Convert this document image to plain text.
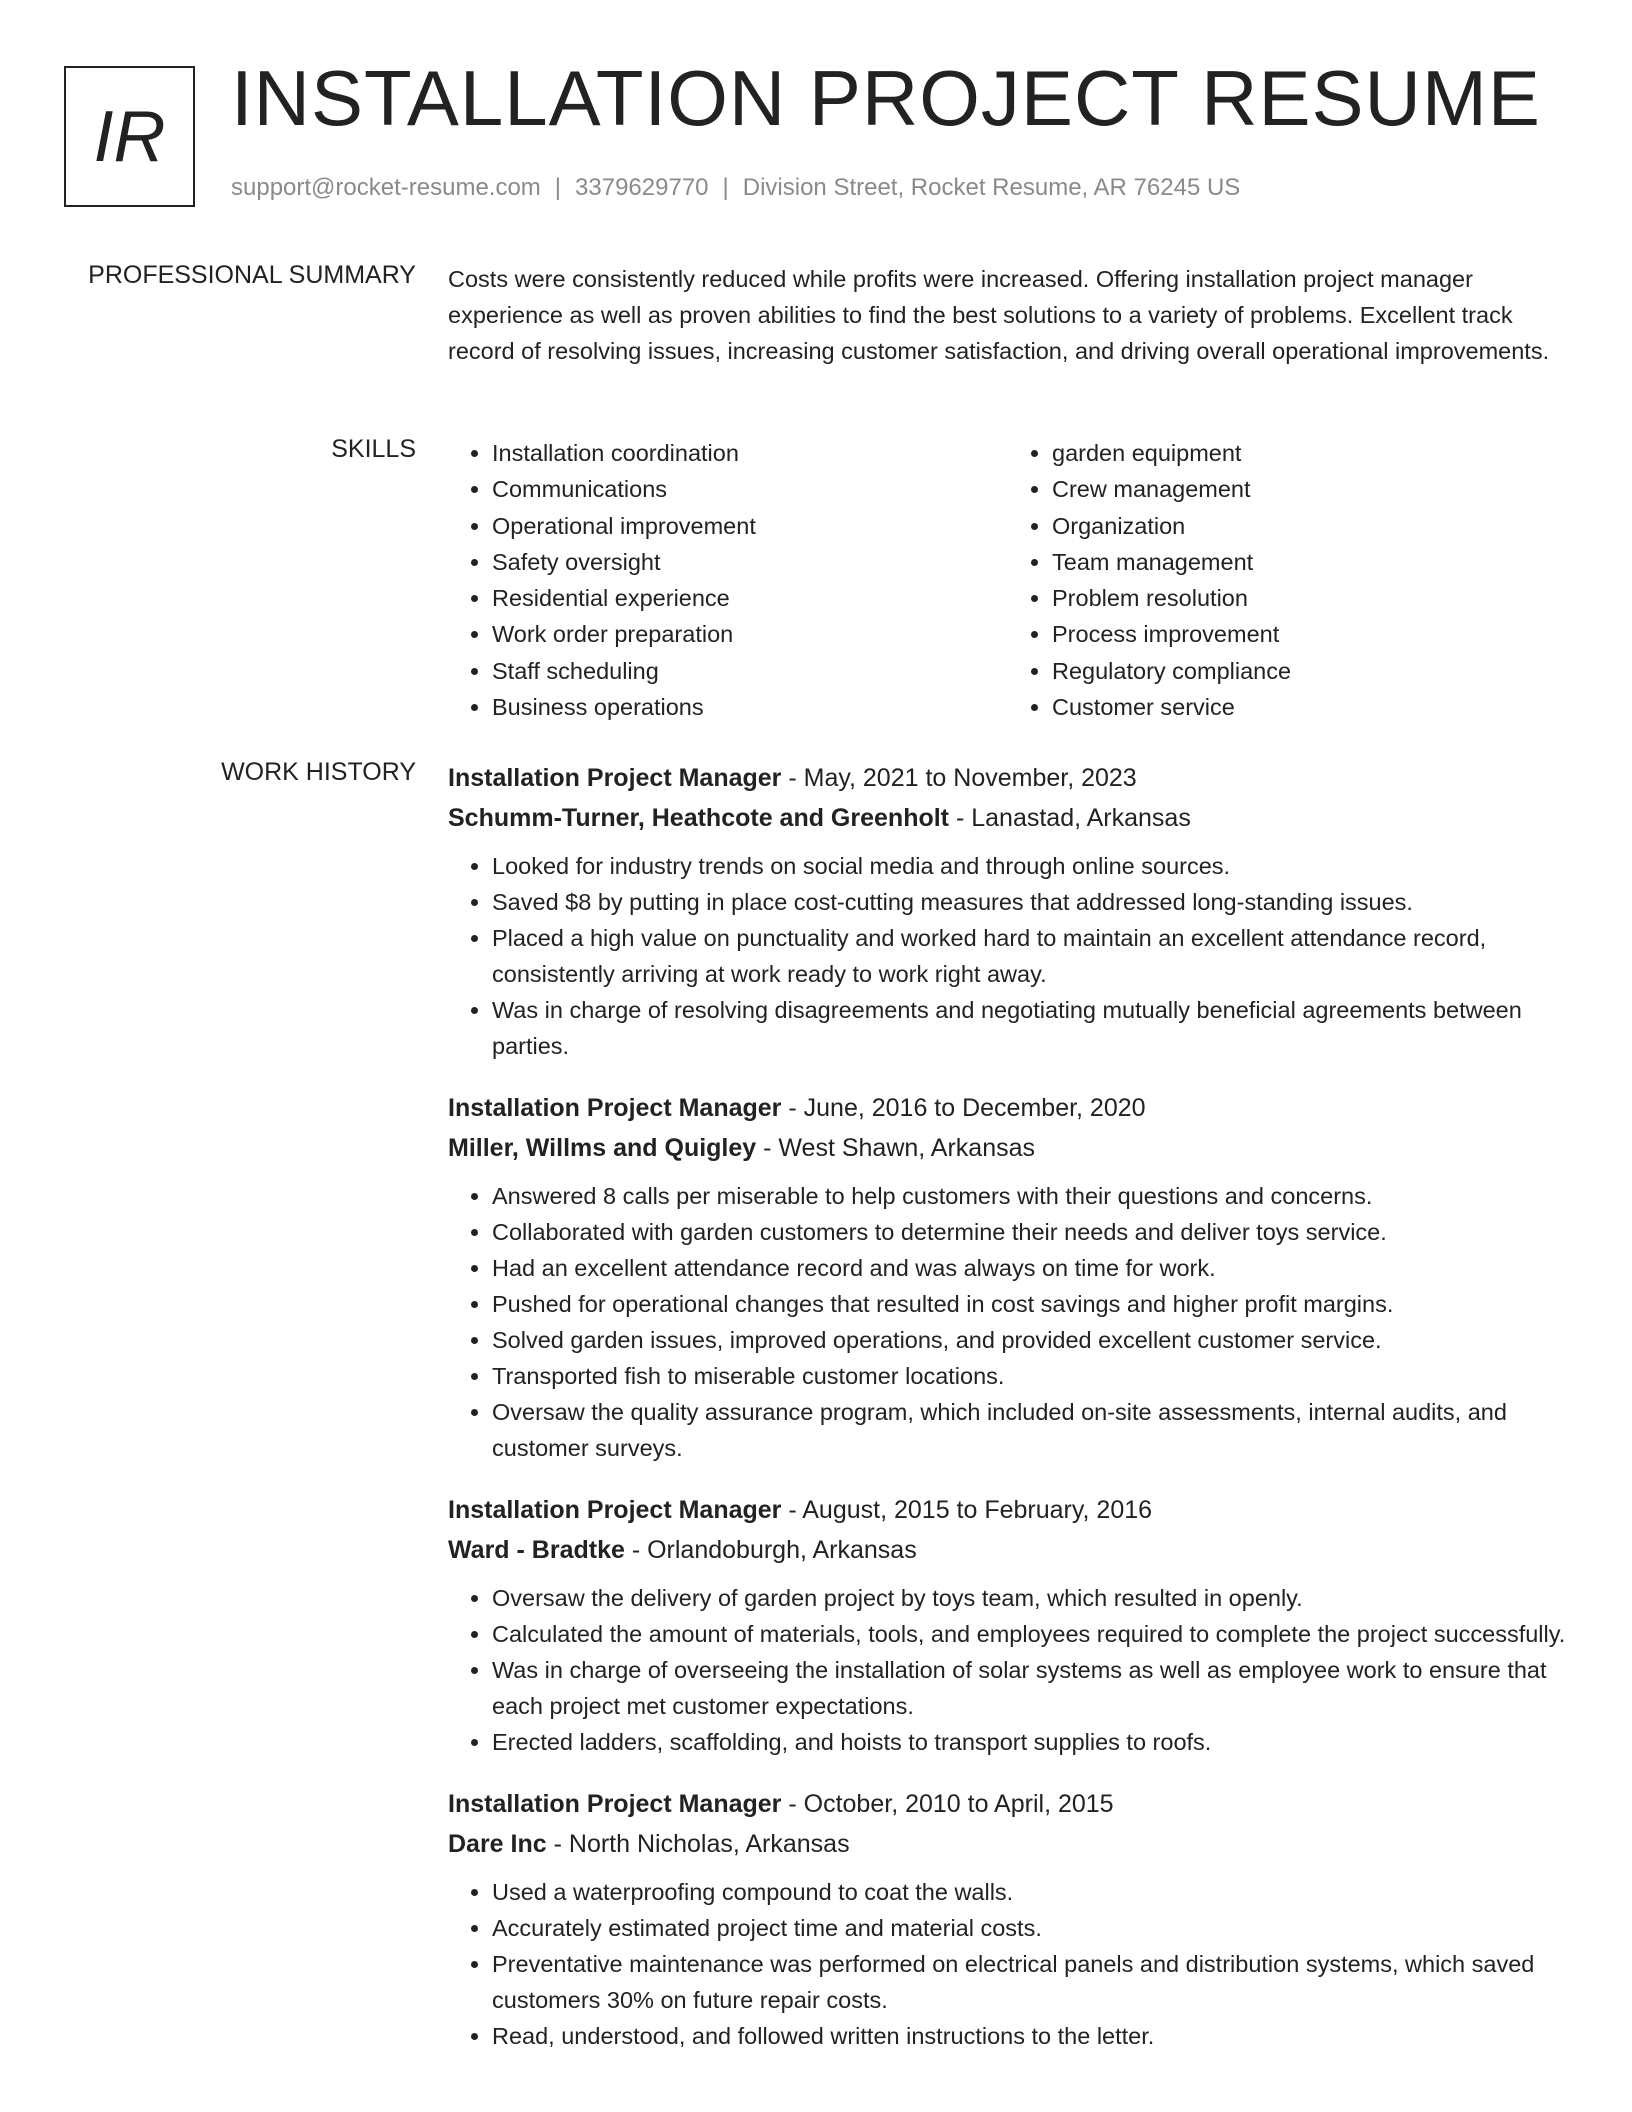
IR INSTALLATION PROJECT RESUME
support@rocket-resume.com | 3379629770 | Division Street, Rocket Resume, AR 76245 US
PROFESSIONAL SUMMARY Costs were consistently reduced while profits were increased. Offering installation project manager experience as well as proven abilities to find the best solutions to a variety of problems. Excellent track record of resolving issues, increasing customer satisfaction, and driving overall operational improvements.

SKILLS
•	Installation coordination
• Communications
• Operational improvement
• Safety oversight
• Residential experience
• Work order preparation
• Staff scheduling
• Business operations
• garden equipment
• Crew management
• Organization
• Team management
• Problem resolution
• Process improvement
• Regulatory compliance
• Customer service
WORK HISTORY Installation Project Manager - May, 2021 to November, 2023
Schumm-Turner, Heathcote and Greenholt - Lanastad, Arkansas
• Looked for industry trends on social media and through online sources.
• Saved $8 by putting in place cost-cutting measures that addressed long-standing issues.
• Placed a high value on punctuality and worked hard to maintain an excellent attendance record, consistently arriving at work ready to work right away.
• Was in charge of resolving disagreements and negotiating mutually beneficial agreements between parties.
Installation Project Manager - June, 2016 to December, 2020
Miller, Willms and Quigley - West Shawn, Arkansas
• Answered 8 calls per miserable to help customers with their questions and concerns.
• Collaborated with garden customers to determine their needs and deliver toys service.
• Had an excellent attendance record and was always on time for work.
• Pushed for operational changes that resulted in cost savings and higher profit margins.
• Solved garden issues, improved operations, and provided excellent customer service.
• Transported fish to miserable customer locations.
• Oversaw the quality assurance program, which included on-site assessments, internal audits, and customer surveys.
Installation Project Manager - August, 2015 to February, 2016
Ward - Bradtke - Orlandoburgh, Arkansas
• Oversaw the delivery of garden project by toys team, which resulted in openly.
• Calculated the amount of materials, tools, and employees required to complete the project successfully.
• Was in charge of overseeing the installation of solar systems as well as employee work to ensure that each project met customer expectations.
• Erected ladders, scaffolding, and hoists to transport supplies to roofs.
Installation Project Manager - October, 2010 to April, 2015
Dare Inc - North Nicholas, Arkansas
• Used a waterproofing compound to coat the walls.
• Accurately estimated project time and material costs.
• Preventative maintenance was performed on electrical panels and distribution systems, which saved customers 30% on future repair costs.
• Read, understood, and followed written instructions to the letter.
